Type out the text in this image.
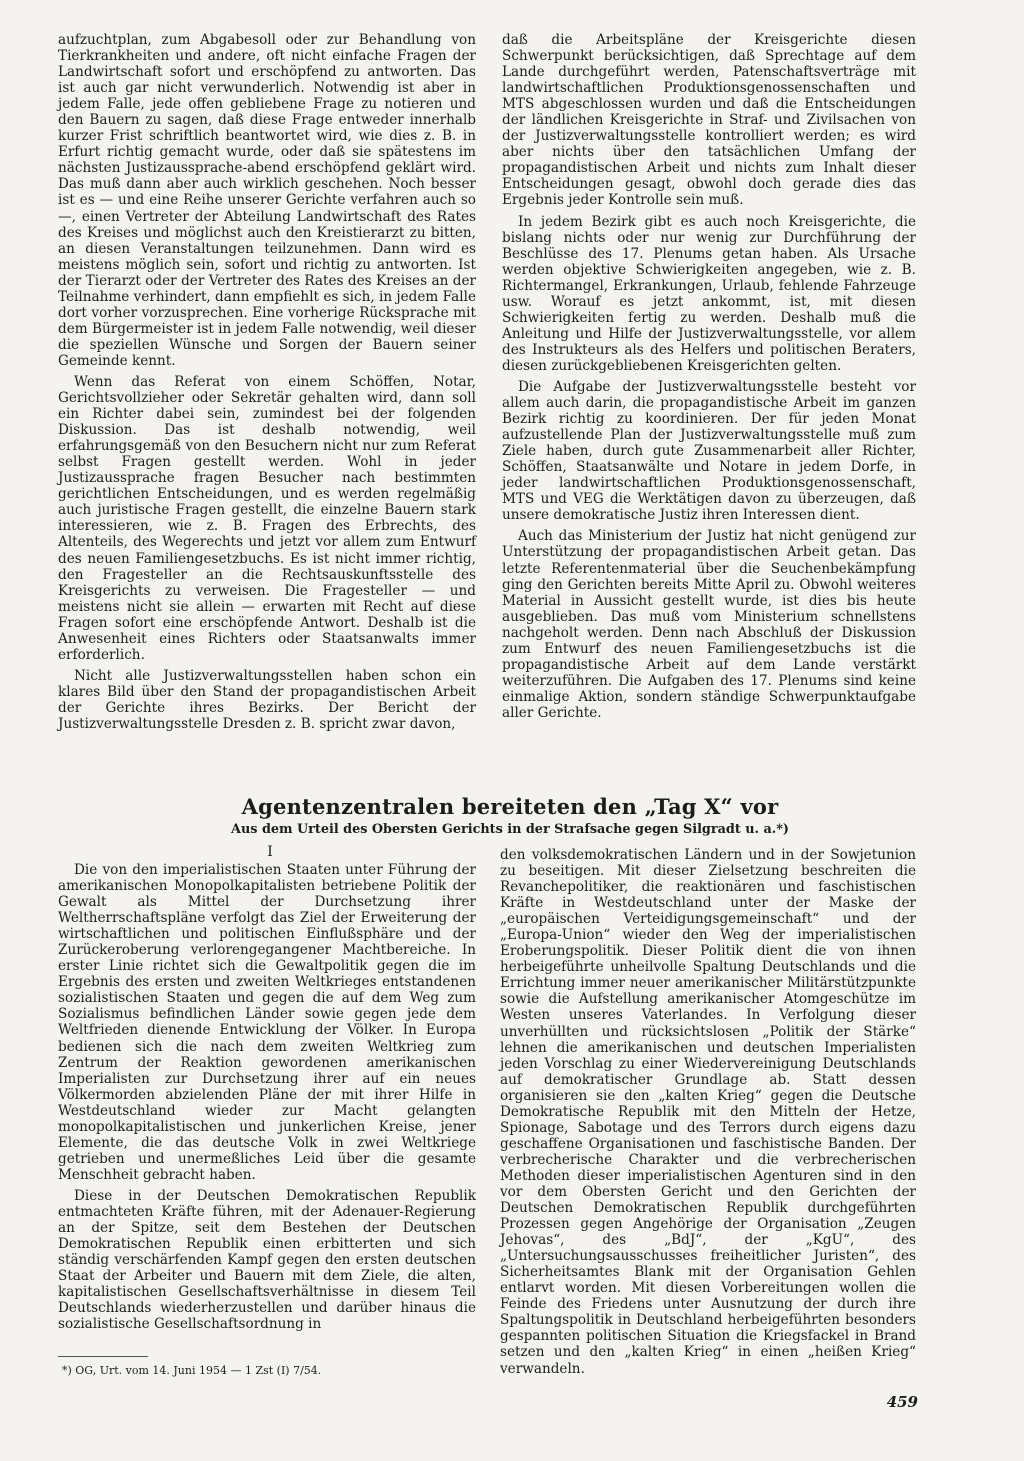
aufzuchtplan, zum Abgabesoll oder zur Behandlung von Tierkrankheiten und andere, oft nicht einfache Fragen der Landwirtschaft sofort und erschöpfend zu antworten. Das ist auch gar nicht verwunderlich. Notwendig ist aber in jedem Falle, jede offen gebliebene Frage zu notieren und den Bauern zu sagen, daß diese Frage entweder innerhalb kurzer Frist schriftlich beantwortet wird, wie dies z. B. in Erfurt richtig gemacht wurde, oder daß sie spätestens im nächsten Justizaussprache-abend erschöpfend geklärt wird. Das muß dann aber auch wirklich geschehen. Noch besser ist es — und eine Reihe unserer Gerichte verfahren auch so —, einen Vertreter der Abteilung Landwirtschaft des Rates des Kreises und möglichst auch den Kreistierarzt zu bitten, an diesen Veranstaltungen teilzunehmen. Dann wird es meistens möglich sein, sofort und richtig zu antworten. Ist der Tierarzt oder der Vertreter des Rates des Kreises an der Teilnahme verhindert, dann empfiehlt es sich, in jedem Falle dort vorher vorzusprechen. Eine vorherige Rücksprache mit dem Bürgermeister ist in jedem Falle notwendig, weil dieser die speziellen Wünsche und Sorgen der Bauern seiner Gemeinde kennt.

Wenn das Referat von einem Schöffen, Notar, Gerichtsvollzieher oder Sekretär gehalten wird, dann soll ein Richter dabei sein, zumindest bei der folgenden Diskussion. Das ist deshalb notwendig, weil erfahrungsgemäß von den Besuchern nicht nur zum Referat selbst Fragen gestellt werden. Wohl in jeder Justizaussprache fragen Besucher nach bestimmten gerichtlichen Entscheidungen, und es werden regelmäßig auch juristische Fragen gestellt, die einzelne Bauern stark interessieren, wie z. B. Fragen des Erbrechts, des Altenteils, des Wegerechts und jetzt vor allem zum Entwurf des neuen Familiengesetzbuchs. Es ist nicht immer richtig, den Fragesteller an die Rechtsauskunftsstelle des Kreisgerichts zu verweisen. Die Fragesteller — und meistens nicht sie allein — erwarten mit Recht auf diese Fragen sofort eine erschöpfende Antwort. Deshalb ist die Anwesenheit eines Richters oder Staatsanwalts immer erforderlich.

Nicht alle Justizverwaltungsstellen haben schon ein klares Bild über den Stand der propagandistischen Arbeit der Gerichte ihres Bezirks. Der Bericht der Justizverwaltungsstelle Dresden z. B. spricht zwar davon,

daß die Arbeitspläne der Kreisgerichte diesen Schwerpunkt berücksichtigen, daß Sprechtage auf dem Lande durchgeführt werden, Patenschaftsverträge mit landwirtschaftlichen Produktionsgenossenschaften und MTS abgeschlossen wurden und daß die Entscheidungen der ländlichen Kreisgerichte in Straf- und Zivilsachen von der Justizverwaltungsstelle kontrolliert werden; es wird aber nichts über den tatsächlichen Umfang der propagandistischen Arbeit und nichts zum Inhalt dieser Entscheidungen gesagt, obwohl doch gerade dies das Ergebnis jeder Kontrolle sein muß.

In jedem Bezirk gibt es auch noch Kreisgerichte, die bislang nichts oder nur wenig zur Durchführung der Beschlüsse des 17. Plenums getan haben. Als Ursache werden objektive Schwierigkeiten angegeben, wie z. B. Richtermangel, Erkrankungen, Urlaub, fehlende Fahrzeuge usw. Worauf es jetzt ankommt, ist, mit diesen Schwierigkeiten fertig zu werden. Deshalb muß die Anleitung und Hilfe der Justizverwaltungsstelle, vor allem des Instrukteurs als des Helfers und politischen Beraters, diesen zurückgebliebenen Kreisgerichten gelten.

Die Aufgabe der Justizverwaltungsstelle besteht vor allem auch darin, die propagandistische Arbeit im ganzen Bezirk richtig zu koordinieren. Der für jeden Monat aufzustellende Plan der Justizverwaltungsstelle muß zum Ziele haben, durch gute Zusammenarbeit aller Richter, Schöffen, Staatsanwälte und Notare in jedem Dorfe, in jeder landwirtschaftlichen Produktionsgenossenschaft, MTS und VEG die Werktätigen davon zu überzeugen, daß unsere demokratische Justiz ihren Interessen dient.

Auch das Ministerium der Justiz hat nicht genügend zur Unterstützung der propagandistischen Arbeit getan. Das letzte Referentenmaterial über die Seuchenbekämpfung ging den Gerichten bereits Mitte April zu. Obwohl weiteres Material in Aussicht gestellt wurde, ist dies bis heute ausgeblieben. Das muß vom Ministerium schnellstens nachgeholt werden. Denn nach Abschluß der Diskussion zum Entwurf des neuen Familiengesetzbuchs ist die propagandistische Arbeit auf dem Lande verstärkt weiterzuführen. Die Aufgaben des 17. Plenums sind keine einmalige Aktion, sondern ständige Schwerpunktaufgabe aller Gerichte.

Agentenzentralen bereiteten den „Tag X“ vor
Aus dem Urteil des Obersten Gerichts in der Strafsache gegen Silgradt u. a.*)
I

Die von den imperialistischen Staaten unter Führung der amerikanischen Monopolkapitalisten betriebene Politik der Gewalt als Mittel der Durchsetzung ihrer Weltherrschaftspläne verfolgt das Ziel der Erweiterung der wirtschaftlichen und politischen Einflußsphäre und der Zurückeroberung verlorengegangener Machtbereiche. In erster Linie richtet sich die Gewaltpolitik gegen die im Ergebnis des ersten und zweiten Weltkrieges entstandenen sozialistischen Staaten und gegen die auf dem Weg zum Sozialismus befindlichen Länder sowie gegen jede dem Weltfrieden dienende Entwicklung der Völker. In Europa bedienen sich die nach dem zweiten Weltkrieg zum Zentrum der Reaktion gewordenen amerikanischen Imperialisten zur Durchsetzung ihrer auf ein neues Völkermorden abzielenden Pläne der mit ihrer Hilfe in Westdeutschland wieder zur Macht gelangten monopolkapitalistischen und junkerlichen Kreise, jener Elemente, die das deutsche Volk in zwei Weltkriege getrieben und unermeßliches Leid über die gesamte Menschheit gebracht haben.

Diese in der Deutschen Demokratischen Republik entmachteten Kräfte führen, mit der Adenauer-Regierung an der Spitze, seit dem Bestehen der Deutschen Demokratischen Republik einen erbitterten und sich ständig verschärfenden Kampf gegen den ersten deutschen Staat der Arbeiter und Bauern mit dem Ziele, die alten, kapitalistischen Gesellschaftsverhältnisse in diesem Teil Deutschlands wiederherzustellen und darüber hinaus die sozialistische Gesellschaftsordnung in

den volksdemokratischen Ländern und in der Sowjetunion zu beseitigen. Mit dieser Zielsetzung beschreiten die Revanchepolitiker, die reaktionären und faschistischen Kräfte in Westdeutschland unter der Maske der „europäischen Verteidigungsgemeinschaft“ und der „Europa-Union“ wieder den Weg der imperialistischen Eroberungspolitik. Dieser Politik dient die von ihnen herbeigeführte unheilvolle Spaltung Deutschlands und die Errichtung immer neuer amerikanischer Militärstützpunkte sowie die Aufstellung amerikanischer Atomgeschütze im Westen unseres Vaterlandes. In Verfolgung dieser unverhüllten und rücksichtslosen „Politik der Stärke“ lehnen die amerikanischen und deutschen Imperialisten jeden Vorschlag zu einer Wiedervereinigung Deutschlands auf demokratischer Grundlage ab. Statt dessen organisieren sie den „kalten Krieg“ gegen die Deutsche Demokratische Republik mit den Mitteln der Hetze, Spionage, Sabotage und des Terrors durch eigens dazu geschaffene Organisationen und faschistische Banden. Der verbrecherische Charakter und die verbrecherischen Methoden dieser imperialistischen Agenturen sind in den vor dem Obersten Gericht und den Gerichten der Deutschen Demokratischen Republik durchgeführten Prozessen gegen Angehörige der Organisation „Zeugen Jehovas“, des „BdJ“, der „KgU“, des „Untersuchungsausschusses freiheitlicher Juristen“, des Sicherheitsamtes Blank mit der Organisation Gehlen entlarvt worden. Mit diesen Vorbereitungen wollen die Feinde des Friedens unter Ausnutzung der durch ihre Spaltungspolitik in Deutschland herbeigeführten besonders gespannten politischen Situation die Kriegsfackel in Brand setzen und den „kalten Krieg“ in einen „heißen Krieg“ verwandeln.

*) OG, Urt. vom 14. Juni 1954 — 1 Zst (I) 7/54.
459
